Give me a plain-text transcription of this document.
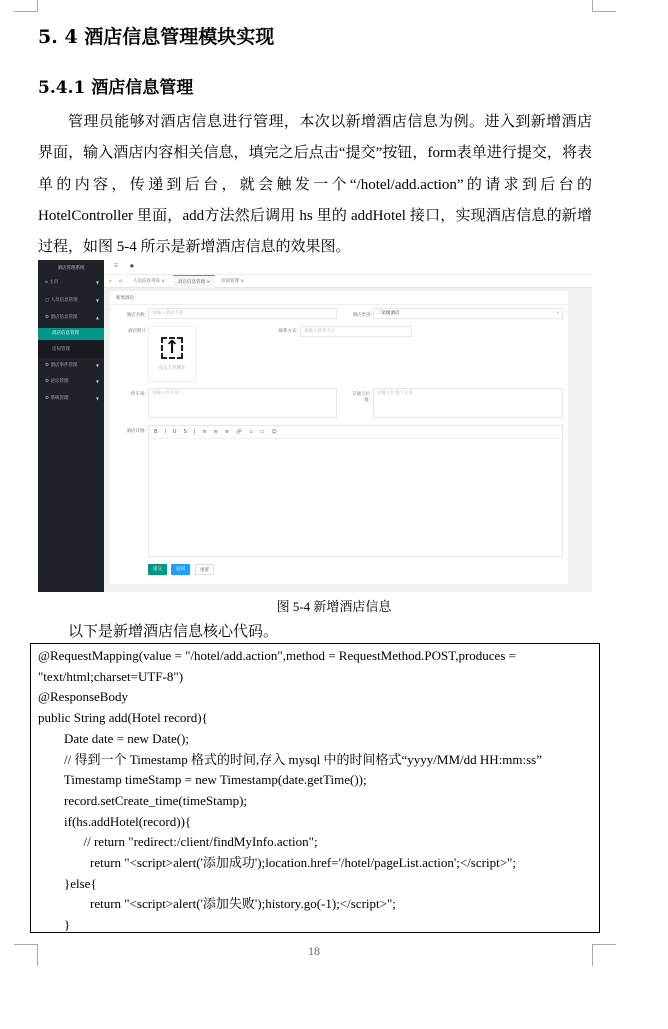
5. 4 酒店信息管理模块实现
5.4.1 酒店信息管理
管理员能够对酒店信息进行管理，本次以新增酒店信息为例。进入到新增酒店界面，输入酒店内容相关信息，填完之后点击“提交”按钮，form表单进行提交，将表单的内容，传递到后台，就会触发一个“/hotel/add.action”的请求到后台的 HotelController 里面，add方法然后调用 hs 里的 addHotel 接口，实现酒店信息的新增过程，如图 5-4 所示是新增酒店信息的效果图。
酒店管理系统
⌂ 主页	▼
▢ 人员信息管理	▼
⚙ 酒店信息管理	▲
酒店信息管理
房间管理
⚙ 酒店事件管理	▼
⚙ 论坛管理	▼
⚙ 系统管理	▼
☰	●
«	⌂	人员信息列表 ×	酒店信息管理 ×	房间管理 ×
新增酒店
酒店名称:	请输入酒店名称	酒店类别:	二星级酒店	▾
酒店照片
↑
点击上传图片
联系方式:	请输入联系方式
停车场:	请输入停车场	交通与位置:
请输入位置与交通
酒店详情:	B I U S | ≡ ≡ ≡ 🔗 ▫ ▭ ☺
提交	返回	重置
图 5-4 新增酒店信息
以下是新增酒店信息核心代码。
@RequestMapping(value = "/hotel/add.action",method = RequestMethod.POST,produces =
"text/html;charset=UTF-8")
@ResponseBody
public String add(Hotel record){
Date date = new Date();
// 得到一个 Timestamp 格式的时间,存入 mysql 中的时间格式“yyyy/MM/dd HH:mm:ss”
Timestamp timeStamp = new Timestamp(date.getTime());
record.setCreate_time(timeStamp);
if(hs.addHotel(record)){
// return "redirect:/client/findMyInfo.action";
return "<script>alert('添加成功');location.href='/hotel/pageList.action';</script>";
}else{
return "<script>alert('添加失败');history.go(-1);</script>";
}
18
